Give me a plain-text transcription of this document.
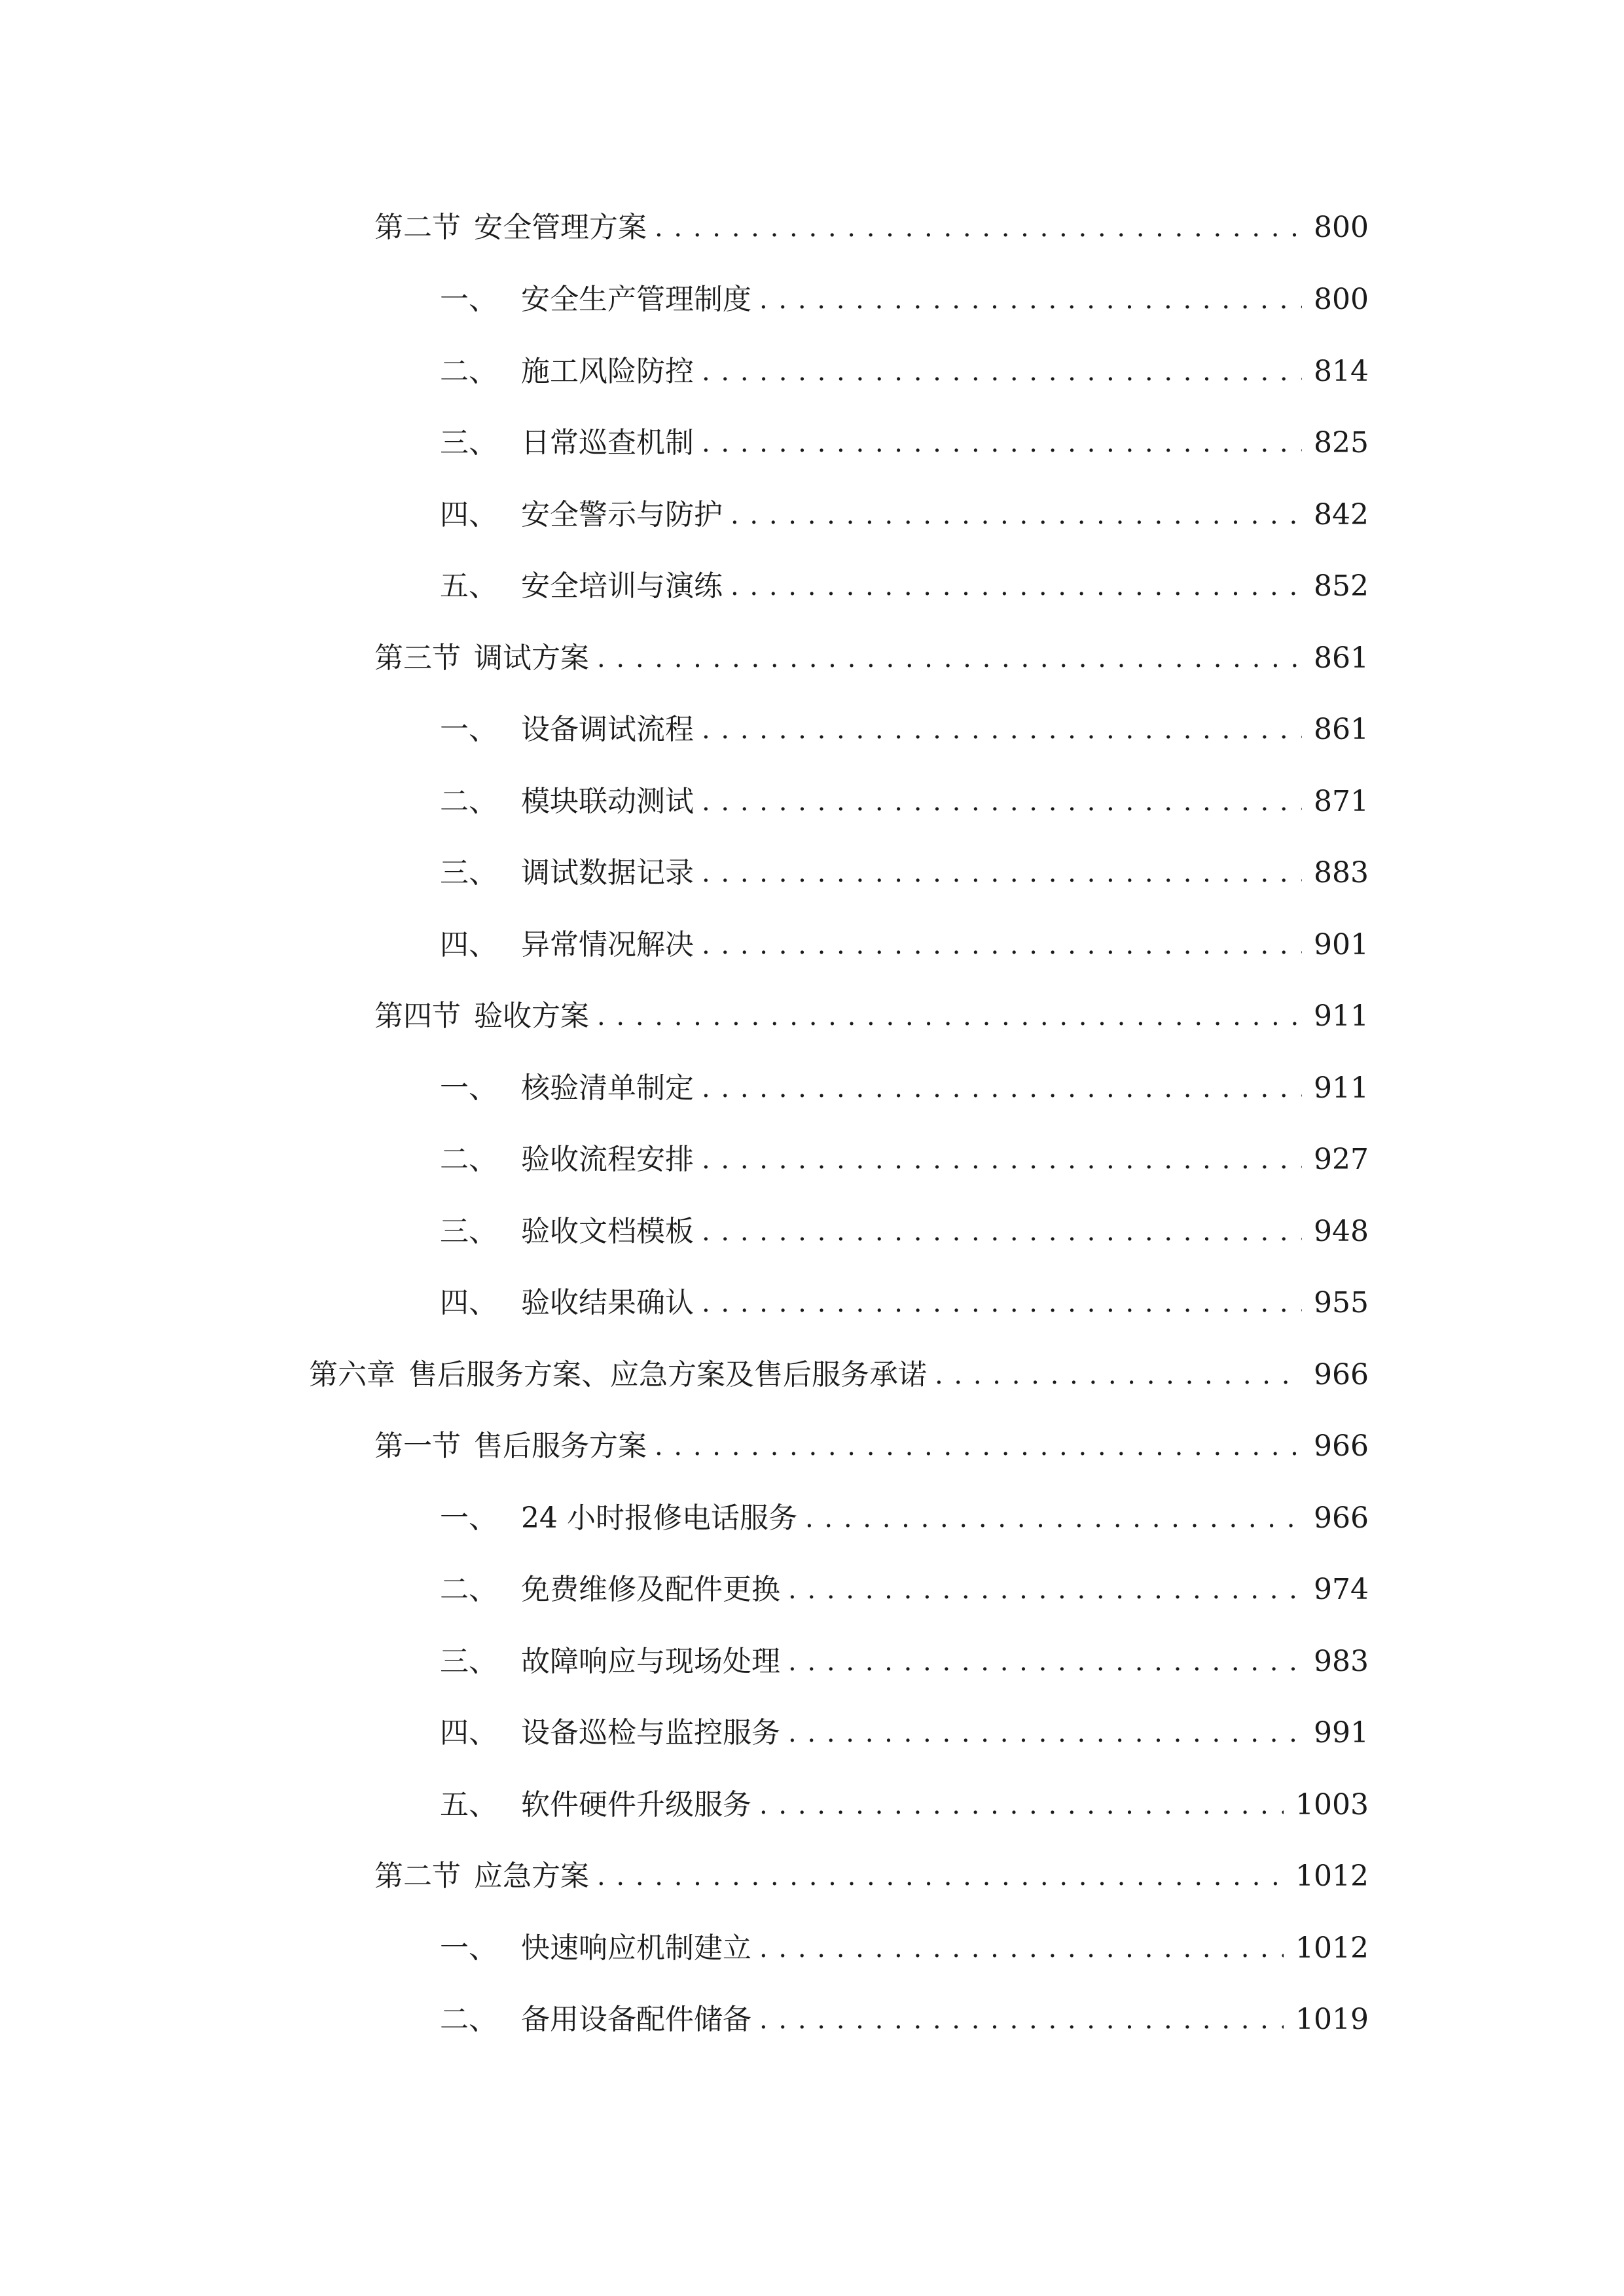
第二节 安全管理方案 . . .	800
一、 安全生产管理制度 . . .	800
二、 施工风险防控 . . .	814
三、 日常巡查机制 . . .	825
四、 安全警示与防护 . . .	842
五、 安全培训与演练 . . .	852
第三节 调试方案 . . .	861
一、 设备调试流程 . . .	861
二、 模块联动测试 . . .	871
三、 调试数据记录 . . .	883
四、 异常情况解决 . . .	901
第四节 验收方案 . . .	911
一、 核验清单制定 . . .	911
二、 验收流程安排 . . .	927
三、 验收文档模板 . . .	948
四、 验收结果确认 . . .	955
第六章 售后服务方案、应急方案及售后服务承诺 . . .	966
第一节 售后服务方案 . . .	966
一、 24 小时报修电话服务 . . .	966
二、 免费维修及配件更换 . . .	974
三、 故障响应与现场处理 . . .	983
四、 设备巡检与监控服务 . . .	991
五、 软件硬件升级服务 . . .	1003
第二节 应急方案 . . .	1012
一、 快速响应机制建立 . . .	1012
二、 备用设备配件储备 . . .	1019
